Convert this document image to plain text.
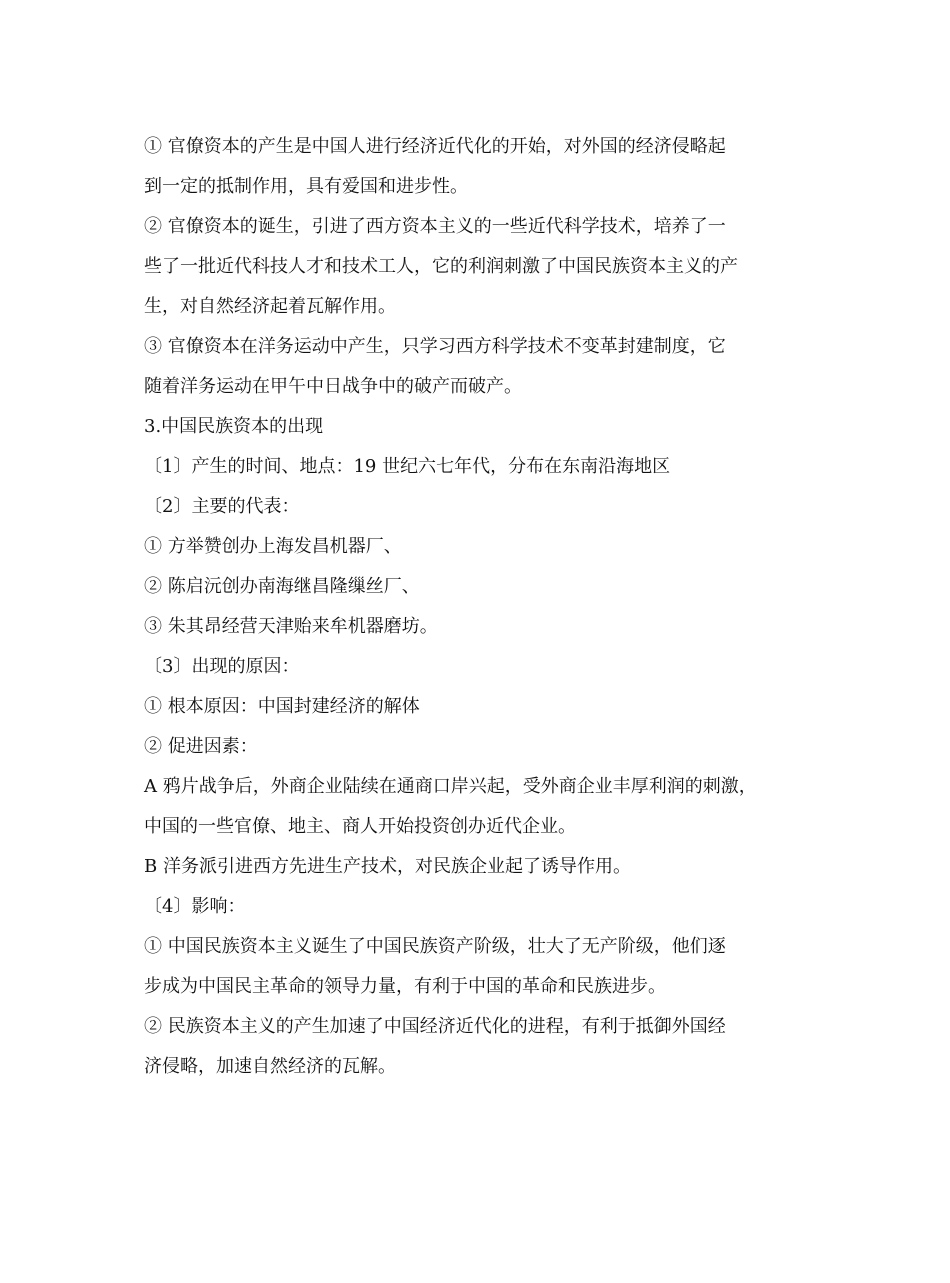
① 官僚资本的产生是中国人进行经济近代化的开始，对外国的经济侵略起
到一定的抵制作用，具有爱国和进步性。
② 官僚资本的诞生，引进了西方资本主义的一些近代科学技术，培养了一
些了一批近代科技人才和技术工人，它的利润刺激了中国民族资本主义的产
生，对自然经济起着瓦解作用。
③ 官僚资本在洋务运动中产生，只学习西方科学技术不变革封建制度，它
随着洋务运动在甲午中日战争中的破产而破产。
3.中国民族资本的出现
〔1〕产生的时间、地点：19 世纪六七年代，分布在东南沿海地区
〔2〕主要的代表：
① 方举赞创办上海发昌机器厂、
② 陈启沅创办南海继昌隆缫丝厂、
③ 朱其昂经营天津贻来牟机器磨坊。
〔3〕出现的原因：
① 根本原因：中国封建经济的解体
② 促进因素：
A 鸦片战争后，外商企业陆续在通商口岸兴起，受外商企业丰厚利润的刺激，
中国的一些官僚、地主、商人开始投资创办近代企业。
B 洋务派引进西方先进生产技术，对民族企业起了诱导作用。
〔4〕影响：
① 中国民族资本主义诞生了中国民族资产阶级，壮大了无产阶级，他们逐
步成为中国民主革命的领导力量，有利于中国的革命和民族进步。
② 民族资本主义的产生加速了中国经济近代化的进程，有利于抵御外国经
济侵略，加速自然经济的瓦解。
